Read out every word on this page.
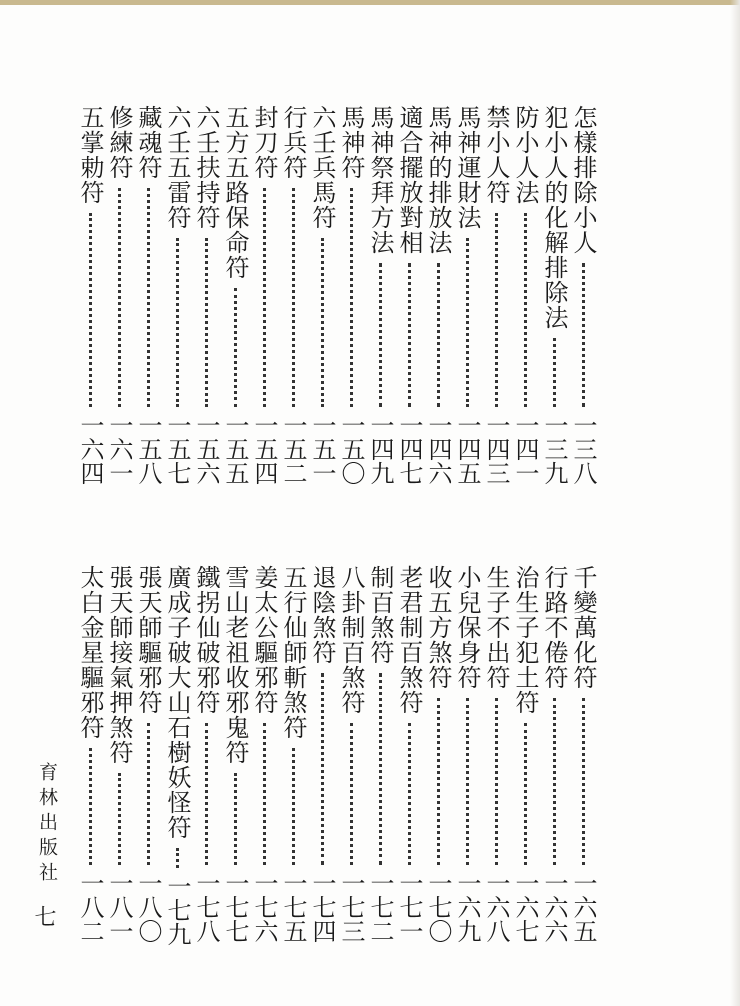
怎樣排除小人
一三八
犯小人的化解排除法
一三九
防小人法
一四一
禁小人符
一四三
馬神運財法
一四五
馬神的排放法
一四六
適合擺放對相
一四七
馬神祭拜方法
一四九
馬神符
一五〇
六壬兵馬符
一五一
行兵符
一五二
封刀符
一五四
五方五路保命符
一五五
六壬扶持符
一五六
六壬五雷符
一五七
藏魂符
一五八
修練符
一六一
五掌勅符
一六四
千變萬化符
一六五
行路不倦符
一六六
治生子犯土符
一六七
生子不出符
一六八
小兒保身符
一六九
收五方煞符
一七〇
老君制百煞符
一七一
制百煞符
一七二
八卦制百煞符
一七三
退陰煞符
一七四
五行仙師斬煞符
一七五
姜太公驅邪符
一七六
雪山老祖收邪鬼符
一七七
鐵拐仙破邪符
一七八
廣成子破大山石樹妖怪符
一七九
張天師驅邪符
一八〇
張天師接氣押煞符
一八一
太白金星驅邪符
一八二
育林出版社
七
